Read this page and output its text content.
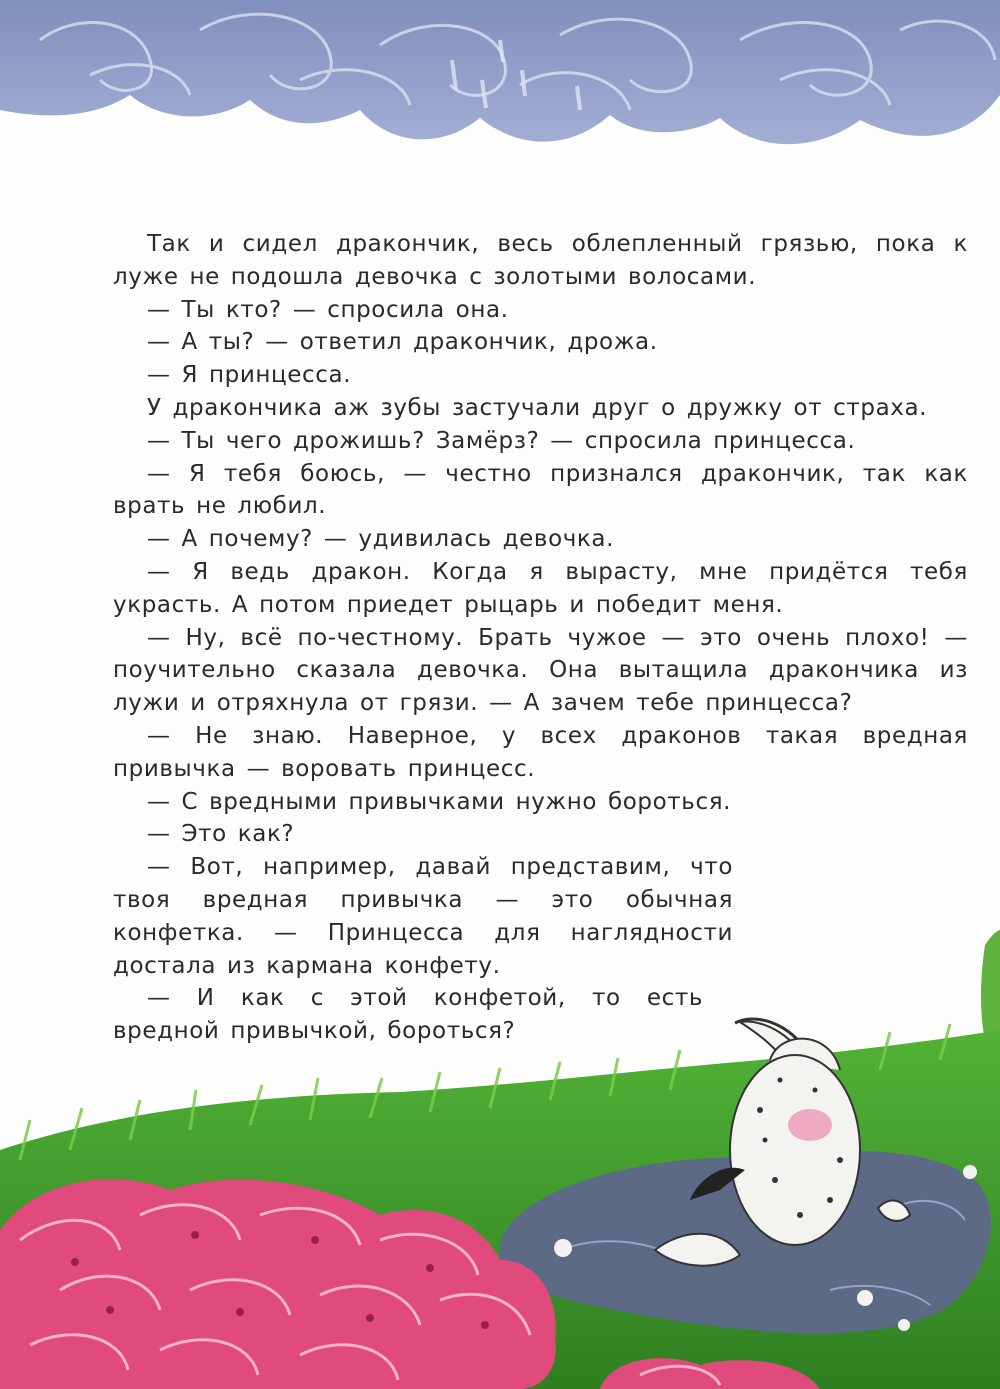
Так и сидел дракончик, весь облепленный грязью, пока к луже не подошла девочка с золотыми волосами.

— Ты кто? — спросила она.

— А ты? — ответил дракончик, дрожа.

— Я принцесса.

У дракончика аж зубы застучали друг о дружку от страха.

— Ты чего дрожишь? Замёрз? — спросила принцесса.

— Я тебя боюсь, — честно признался дракончик, так как врать не любил.

— А почему? — удивилась девочка.

— Я ведь дракон. Когда я вырасту, мне придётся тебя украсть. А потом приедет рыцарь и победит меня.

— Ну, всё по-честному. Брать чужое — это очень плохо! — поучительно сказала девочка. Она вытащила дракончика из лужи и отряхнула от грязи. — А зачем тебе принцесса?

— Не знаю. Наверное, у всех драконов такая вредная привычка — воровать принцесс.

— С вредными привычками нужно бороться.

— Это как?

— Вот, например, давай представим, что твоя вредная привычка — это обычная конфетка. — Принцесса для наглядности достала из кармана конфету.

— И как с этой конфетой, то есть вредной привычкой, бороться?
